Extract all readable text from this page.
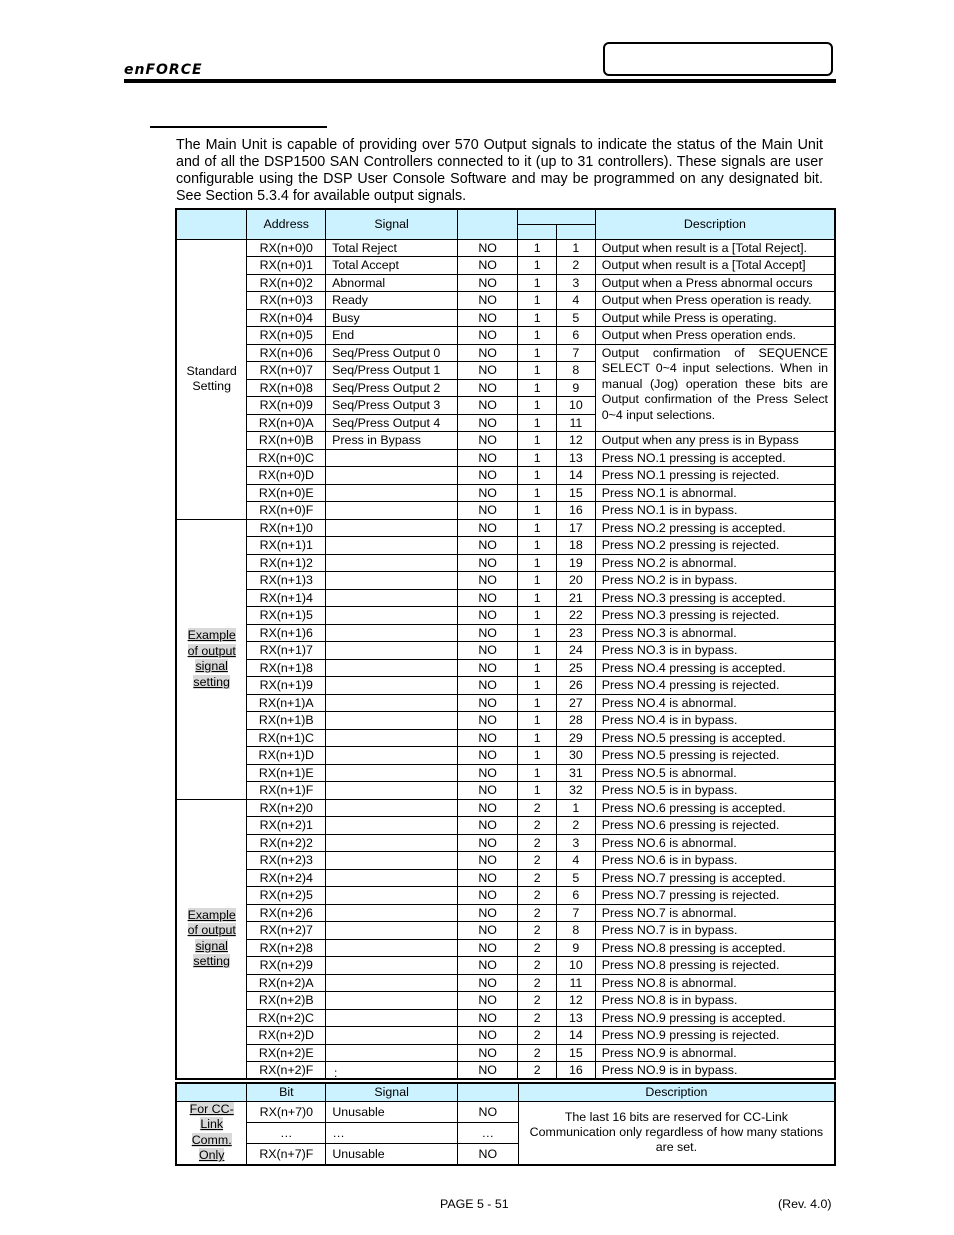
enFORCE

The Main Unit is capable of providing over 570 Output signals to indicate the status of the Main Unit and of all the DSP1500 SAN Controllers connected to it (up to 31 controllers). These signals are user configurable using the DSP User Console Software and may be programmed on any designated bit. See Section 5.3.4 for available output signals.

	Address	Signal				Description

Standard Setting	RX(n+0)0	Total Reject	NO	1	1	Output when result is a [Total Reject].
	RX(n+0)1	Total Accept	NO	1	2	Output when result is a [Total Accept]
	RX(n+0)2	Abnormal	NO	1	3	Output when a Press abnormal occurs
	RX(n+0)3	Ready	NO	1	4	Output when Press operation is ready.
	RX(n+0)4	Busy	NO	1	5	Output while Press is operating.
	RX(n+0)5	End	NO	1	6	Output when Press operation ends.
	RX(n+0)6	Seq/Press Output 0	NO	1	7	Output confirmation of SEQUENCE SELECT 0~4 input selections. When in manual (Jog) operation these bits are Output confirmation of the Press Select 0~4 input selections.
	RX(n+0)7	Seq/Press Output 1	NO	1	8	
	RX(n+0)8	Seq/Press Output 2	NO	1	9	
	RX(n+0)9	Seq/Press Output 3	NO	1	10	
	RX(n+0)A	Seq/Press Output 4	NO	1	11	
	RX(n+0)B	Press in Bypass	NO	1	12	Output when any press is in Bypass
	RX(n+0)C		NO	1	13	Press NO.1 pressing is accepted.
	RX(n+0)D		NO	1	14	Press NO.1 pressing is rejected.
	RX(n+0)E		NO	1	15	Press NO.1 is abnormal.
	RX(n+0)F		NO	1	16	Press NO.1 is in bypass.
Example of output signal setting	RX(n+1)0		NO	1	17	Press NO.2 pressing is accepted.
	RX(n+1)1		NO	1	18	Press NO.2 pressing is rejected.
	RX(n+1)2		NO	1	19	Press NO.2 is abnormal.
	RX(n+1)3		NO	1	20	Press NO.2 is in bypass.
	RX(n+1)4		NO	1	21	Press NO.3 pressing is accepted.
	RX(n+1)5		NO	1	22	Press NO.3 pressing is rejected.
	RX(n+1)6		NO	1	23	Press NO.3 is abnormal.
	RX(n+1)7		NO	1	24	Press NO.3 is in bypass.
	RX(n+1)8		NO	1	25	Press NO.4 pressing is accepted.
	RX(n+1)9		NO	1	26	Press NO.4 pressing is rejected.
	RX(n+1)A		NO	1	27	Press NO.4 is abnormal.
	RX(n+1)B		NO	1	28	Press NO.4 is in bypass.
	RX(n+1)C		NO	1	29	Press NO.5 pressing is accepted.
	RX(n+1)D		NO	1	30	Press NO.5 pressing is rejected.
	RX(n+1)E		NO	1	31	Press NO.5 is abnormal.
	RX(n+1)F		NO	1	32	Press NO.5 is in bypass.
Example of output signal setting	RX(n+2)0		NO	2	1	Press NO.6 pressing is accepted.
	RX(n+2)1		NO	2	2	Press NO.6 pressing is rejected.
	RX(n+2)2		NO	2	3	Press NO.6 is abnormal.
	RX(n+2)3		NO	2	4	Press NO.6 is in bypass.
	RX(n+2)4		NO	2	5	Press NO.7 pressing is accepted.
	RX(n+2)5		NO	2	6	Press NO.7 pressing is rejected.
	RX(n+2)6		NO	2	7	Press NO.7 is abnormal.
	RX(n+2)7		NO	2	8	Press NO.7 is in bypass.
	RX(n+2)8		NO	2	9	Press NO.8 pressing is accepted.
	RX(n+2)9		NO	2	10	Press NO.8 pressing is rejected.
	RX(n+2)A		NO	2	11	Press NO.8 is abnormal.
	RX(n+2)B		NO	2	12	Press NO.8 is in bypass.
	RX(n+2)C		NO	2	13	Press NO.9 pressing is accepted.
	RX(n+2)D		NO	2	14	Press NO.9 pressing is rejected.
	RX(n+2)E		NO	2	15	Press NO.9 is abnormal.
	RX(n+2)F		NO	2	16	Press NO.9 is in bypass.
:
	Bit	Signal		Description
For CC-Link Comm. Only	RX(n+7)0	Unusable	NO	The last 16 bits are reserved for CC-Link Communication only regardless of how many stations are set.
	…	…	…	
	RX(n+7)F	Unusable	NO	
PAGE 5 - 51	(Rev. 4.0)
